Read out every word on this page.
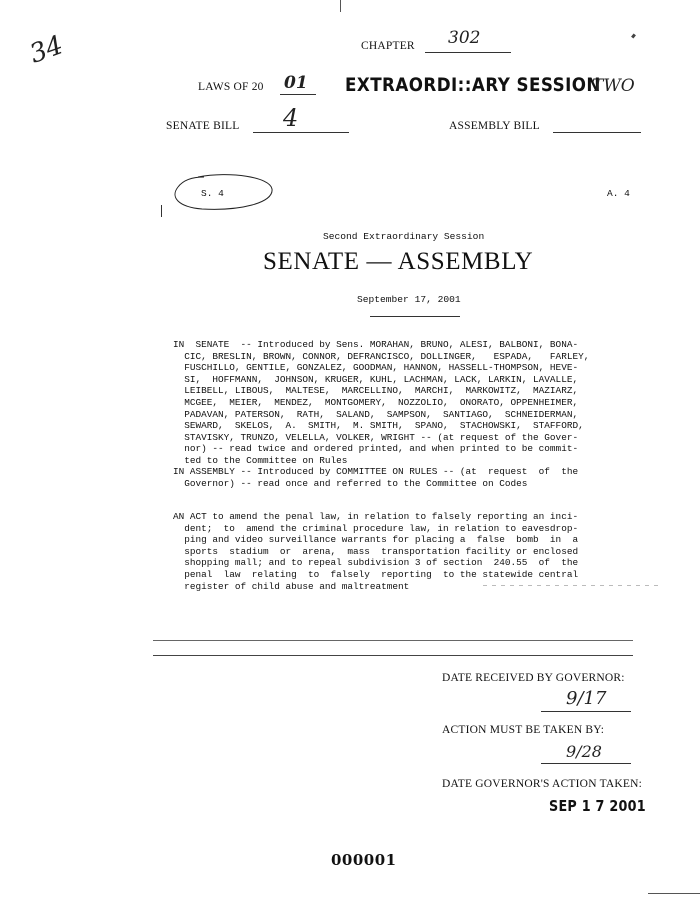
34	CHAPTER 302
LAWS OF 20 01 EXTRAORDI::ARY SESSION
TWO
SENATE BILL 4	ASSEMBLY BILL
S. 4	A. 4
Second Extraordinary Session
SENATE — ASSEMBLY
September 17, 2001
IN  SENATE  -- Introduced by Sens. MORAHAN, BRUNO, ALESI, BALBONI, BONA-
CIC, BRESLIN, BROWN, CONNOR, DEFRANCISCO, DOLLINGER,   ESPADA,   FARLEY,
FUSCHILLO, GENTILE, GONZALEZ, GOODMAN, HANNON, HASSELL-THOMPSON, HEVE-
SI,  HOFFMANN,  JOHNSON, KRUGER, KUHL, LACHMAN, LACK, LARKIN, LAVALLE,
LEIBELL, LIBOUS,  MALTESE,  MARCELLINO,  MARCHI,  MARKOWITZ,  MAZIARZ,
MCGEE,  MEIER,  MENDEZ,  MONTGOMERY,  NOZZOLIO,  ONORATO, OPPENHEIMER,
PADAVAN, PATERSON,  RATH,  SALAND,  SAMPSON,  SANTIAGO,  SCHNEIDERMAN,
SEWARD,  SKELOS,  A.  SMITH,  M. SMITH,  SPANO,  STACHOWSKI,  STAFFORD,
STAVISKY, TRUNZO, VELELLA, VOLKER, WRIGHT -- (at request of the Gover-
nor) -- read twice and ordered printed, and when printed to be commit-
ted to the Committee on Rules
IN ASSEMBLY -- Introduced by COMMITTEE ON RULES -- (at  request  of  the
Governor) -- read once and referred to the Committee on Codes
AN ACT to amend the penal law, in relation to falsely reporting an inci-
dent;  to  amend the criminal procedure law, in relation to eavesdrop-
ping and video surveillance warrants for placing a  false  bomb  in  a
sports  stadium  or  arena,  mass  transportation facility or enclosed
shopping mall; and to repeal subdivision 3 of section  240.55  of  the
penal  law  relating  to  falsely  reporting  to the statewide central
register of child abuse and maltreatment
DATE RECEIVED BY GOVERNOR:
9/17
ACTION MUST BE TAKEN BY:
9/28
DATE GOVERNOR'S ACTION TAKEN:
SEP 1 7 2001
000001
